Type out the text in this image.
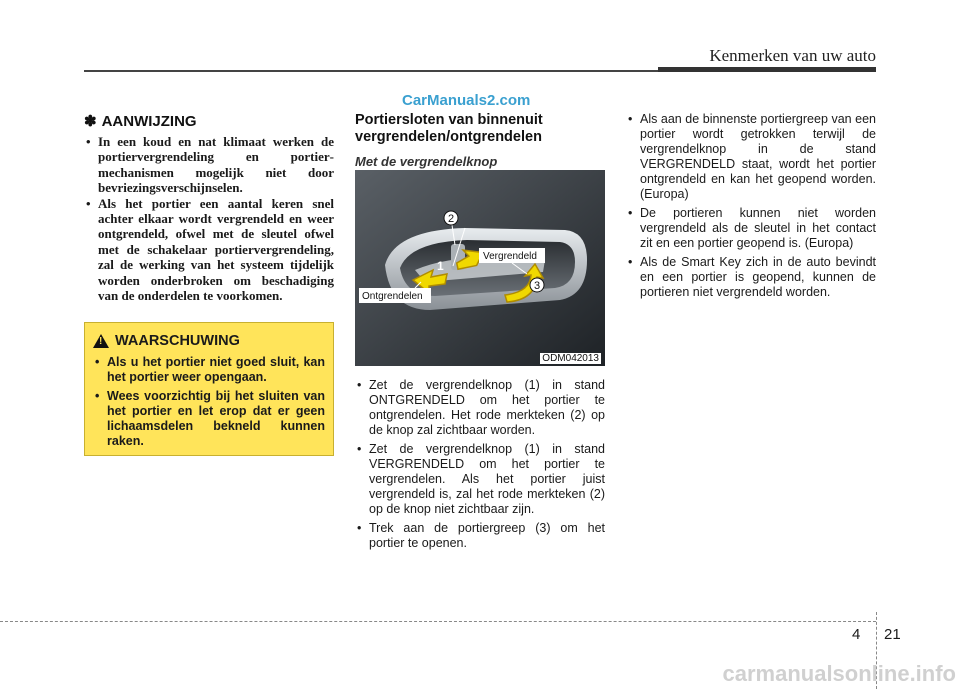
Kenmerken van uw auto
CarManuals2.com
✽ AANWIJZING
• In een koud en nat klimaat werken de portiervergrendeling en portiermechanismen mogelijk niet door bevriezingsverschijnselen.
• Als het portier een aantal keren snel achter elkaar wordt vergrendeld en weer ontgrendeld, ofwel met de sleutel ofwel met de schakelaar portiervergrendeling, zal de werking van het systeem tijdelijk worden onderbroken om beschadiging van de onderdelen te voorkomen.
! WAARSCHUWING
• Als u het portier niet goed sluit, kan het portier weer opengaan.
• Wees voorzichtig bij het sluiten van het portier en let erop dat er geen lichaamsdelen bekneld kunnen raken.
Portiersloten van binnenuit vergrendelen/ontgrendelen
Met de vergrendelknop
2
1
3
Vergrendeld
Ontgrendelen
ODM042013
• Zet de vergrendelknop (1) in stand ONTGRENDELD om het portier te ontgrendelen. Het rode merkteken (2) op de knop zal zichtbaar worden.
• Zet de vergrendelknop (1) in stand VERGRENDELD om het portier te vergrendelen. Als het portier juist vergrendeld is, zal het rode merkteken (2) op de knop niet zichtbaar zijn.
• Trek aan de portiergreep (3) om het portier te openen.
• Als aan de binnenste portiergreep van een portier wordt getrokken terwijl de vergrendelknop in de stand VERGRENDELD staat, wordt het portier ontgrendeld en kan het geopend worden. (Europa)
• De portieren kunnen niet worden vergrendeld als de sleutel in het contact zit en een portier geopend is. (Europa)
• Als de Smart Key zich in de auto bevindt en een portier is geopend, kunnen de portieren niet vergrendeld worden.
4 21
carmanualsonline.info
